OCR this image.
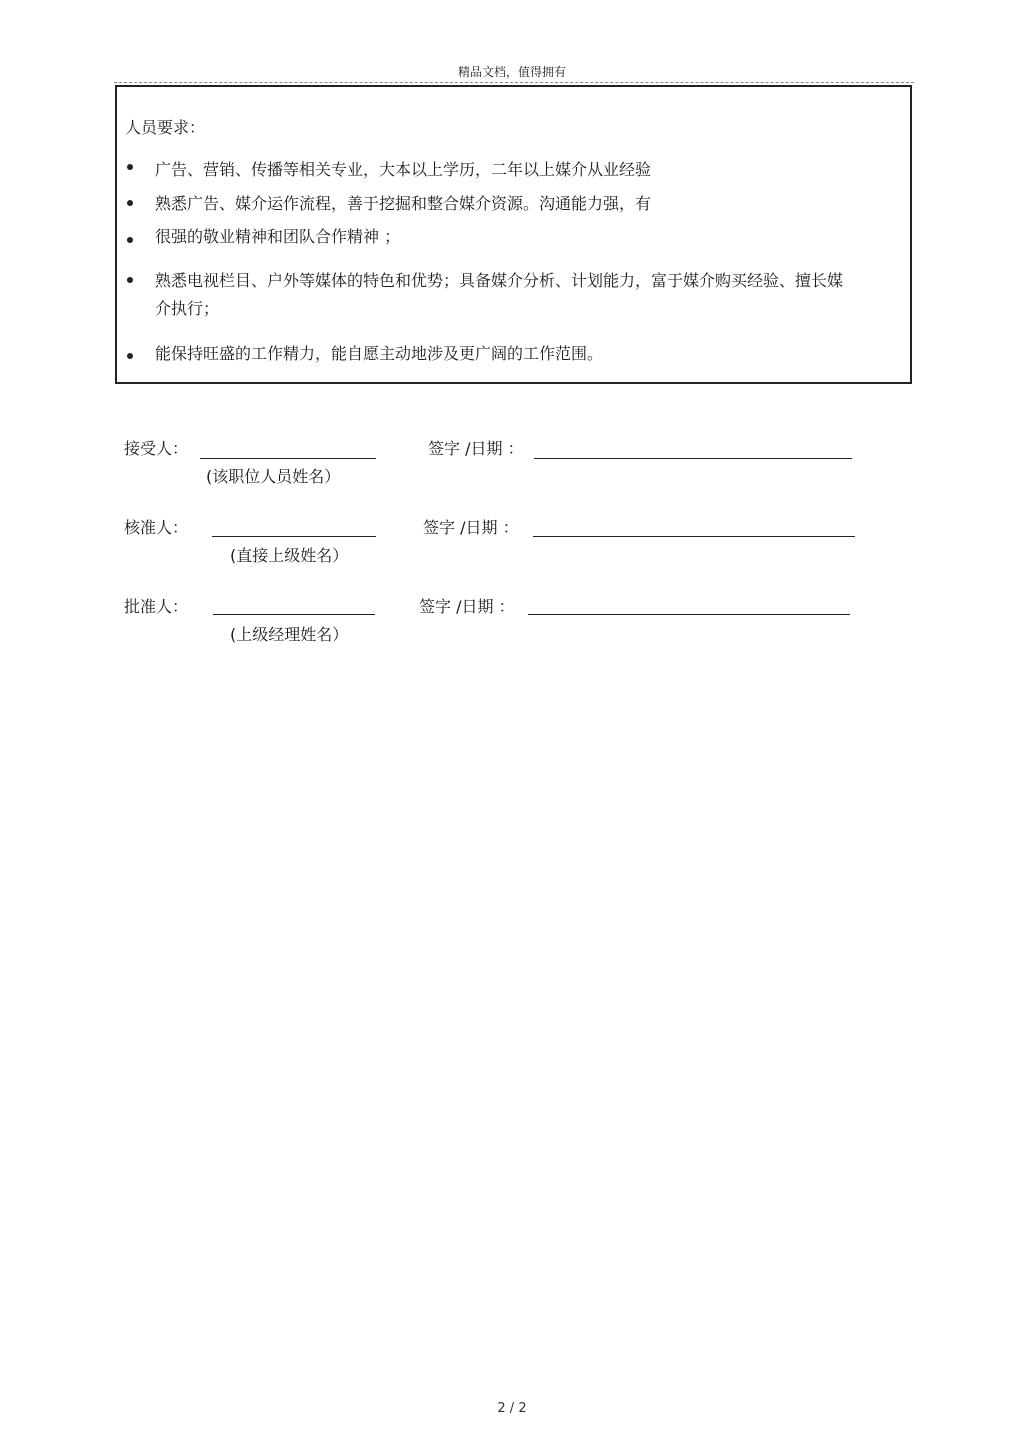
精品文档，值得拥有
人员要求：
广告、营销、传播等相关专业，大本以上学历，二年以上媒介从业经验
熟悉广告、媒介运作流程，善于挖掘和整合媒介资源。沟通能力强，有
很强的敬业精神和团队合作精神 ；
熟悉电视栏目、户外等媒体的特色和优势；具备媒介分析、计划能力，富于媒介购买经验、擅长媒介执行；
能保持旺盛的工作精力，能自愿主动地涉及更广阔的工作范围。
接受人：
(该职位人员姓名）
签字 /日期 ：
核准人：
(直接上级姓名）
签字 /日期 ：
批准人：
(上级经理姓名）
签字 /日期 ：
2 / 2
